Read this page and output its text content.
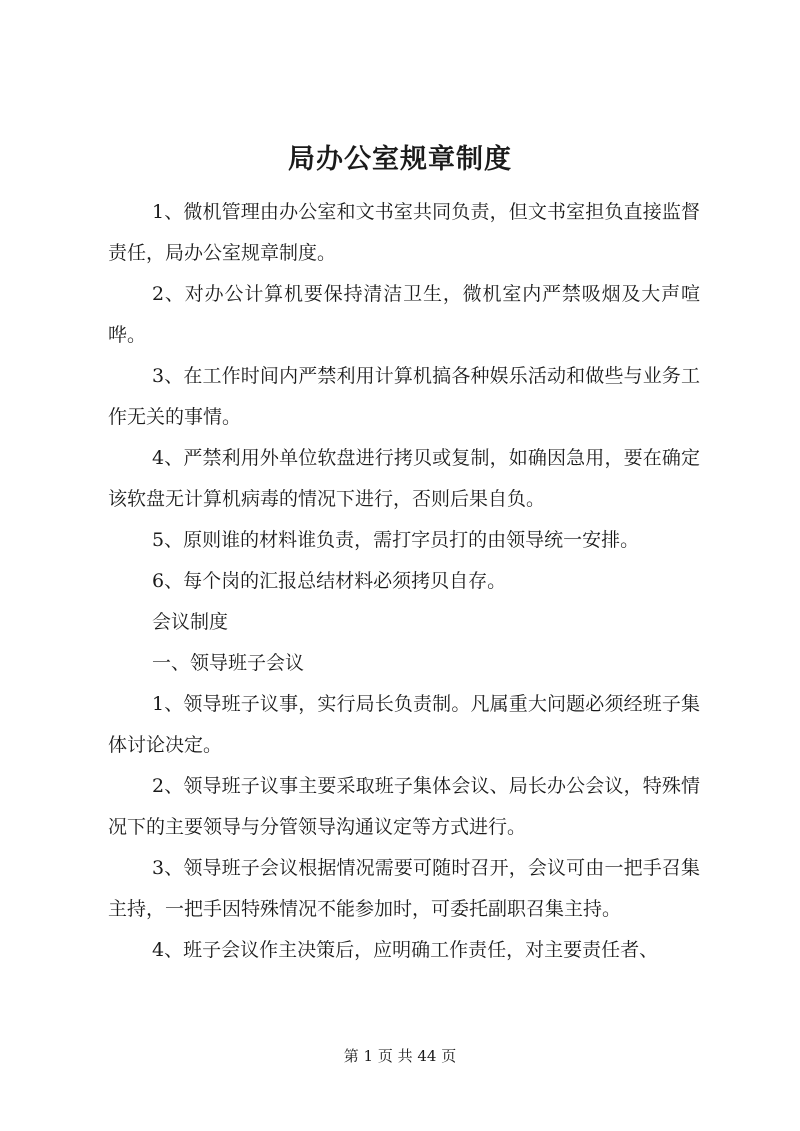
局办公室规章制度

1、微机管理由办公室和文书室共同负责，但文书室担负直接监督责任，局办公室规章制度。

2、对办公计算机要保持清洁卫生，微机室内严禁吸烟及大声喧哗。

3、在工作时间内严禁利用计算机搞各种娱乐活动和做些与业务工作无关的事情。

4、严禁利用外单位软盘进行拷贝或复制，如确因急用，要在确定该软盘无计算机病毒的情况下进行，否则后果自负。

5、原则谁的材料谁负责，需打字员打的由领导统一安排。

6、每个岗的汇报总结材料必须拷贝自存。

会议制度

一、领导班子会议

1、领导班子议事，实行局长负责制。凡属重大问题必须经班子集体讨论决定。

2、领导班子议事主要采取班子集体会议、局长办公会议，特殊情况下的主要领导与分管领导沟通议定等方式进行。

3、领导班子会议根据情况需要可随时召开，会议可由一把手召集主持，一把手因特殊情况不能参加时，可委托副职召集主持。

4、班子会议作主决策后，应明确工作责任，对主要责任者、

第 1 页 共 44 页
